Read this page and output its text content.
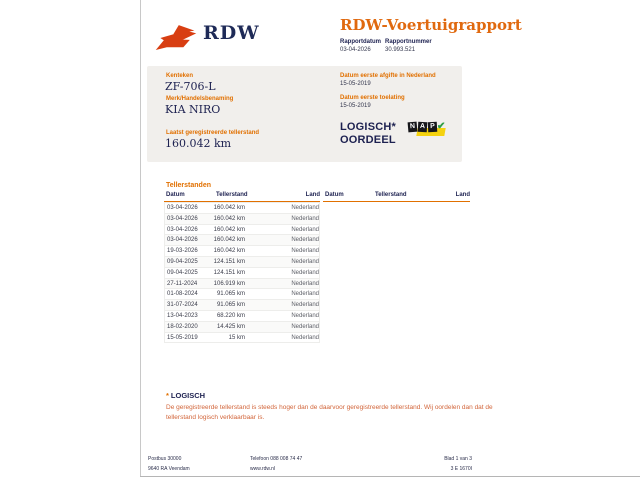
RDW	RDW-Voertuigrapport
Rapportdatum
03-04-2026
Rapportnummer
30.993.521
Kenteken
ZF-706-L
Merk/Handelsbenaming
KIA NIRO
Laatst geregistreerde tellerstand
160.042 km
Datum eerste afgifte in Nederland
15-05-2019
Datum eerste toelating
15-05-2019
LOGISCH*
OORDEEL
N A P ✔
Tellerstanden
Datum	Tellerstand	Land Datum	Tellerstand	Land
03-04-2026	160.042 km	Nederland
03-04-2026	160.042 km	Nederland
03-04-2026	160.042 km	Nederland
03-04-2026	160.042 km	Nederland
19-03-2026	160.042 km	Nederland
09-04-2025	124.151 km	Nederland
09-04-2025	124.151 km	Nederland
27-11-2024	106.919 km	Nederland
01-08-2024	91.065 km	Nederland
31-07-2024	91.065 km	Nederland
13-04-2023	68.220 km	Nederland
18-02-2020	14.425 km	Nederland
15-05-2019	15 km	Nederland
* LOGISCH
De geregistreerde tellerstand is steeds hoger dan de daarvoor geregistreerde tellerstand. Wij oordelen dan dat de tellerstand logisch verklaarbaar is.
Postbus 30000
9640 RA Veendam
Telefoon 088 008 74 47
www.rdw.nl
Blad 1 van 3
3 E 1670I
